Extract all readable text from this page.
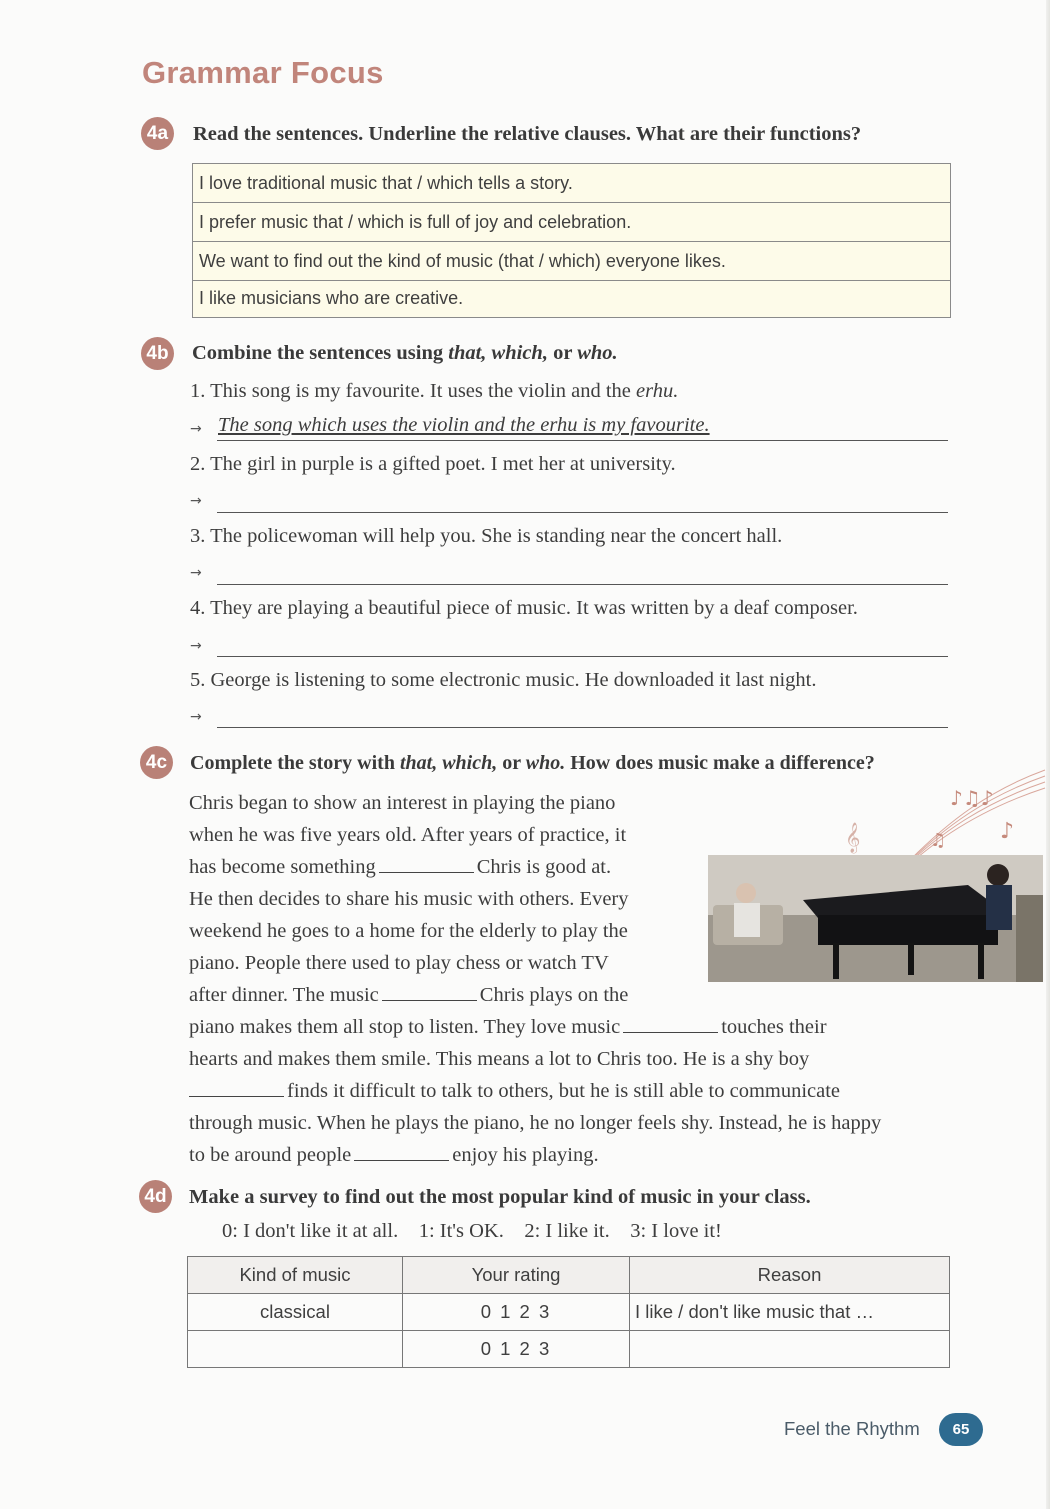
Grammar Focus
4a Read the sentences. Underline the relative clauses. What are their functions?
I love traditional music that / which tells a story.
I prefer music that / which is full of joy and celebration.
We want to find out the kind of music (that / which) everyone likes.
I like musicians who are creative.
4b Combine the sentences using that, which, or who.
1. This song is my favourite. It uses the violin and the erhu.
→ The song which uses the violin and the erhu is my favourite.
2. The girl in purple is a gifted poet. I met her at university.
→
3. The policewoman will help you. She is standing near the concert hall.
→
4. They are playing a beautiful piece of music. It was written by a deaf composer.
→
5. George is listening to some electronic music. He downloaded it last night.
→
4c Complete the story with that, which, or who. How does music make a difference?
♪♫♪
♪
♫
𝄞
Chris began to show an interest in playing the piano
when he was five years old. After years of practice, it
has become something	Chris is good at.
He then decides to share his music with others. Every
weekend he goes to a home for the elderly to play the
piano. People there used to play chess or watch TV
after dinner. The music	Chris plays on the
piano makes them all stop to listen. They love music	touches their
hearts and makes them smile. This means a lot to Chris too. He is a shy boy
finds it difficult to talk to others, but he is still able to communicate
through music. When he plays the piano, he no longer feels shy. Instead, he is happy
to be around people	enjoy his playing.
4d Make a survey to find out the most popular kind of music in your class.
0: I don't like it at all.    1: It's OK.    2: I like it.    3: I love it!
Kind of music	Your rating	Reason
classical	0 1 2 3	I like / don't like music that …
	0 1 2 3	
Feel the Rhythm	65
